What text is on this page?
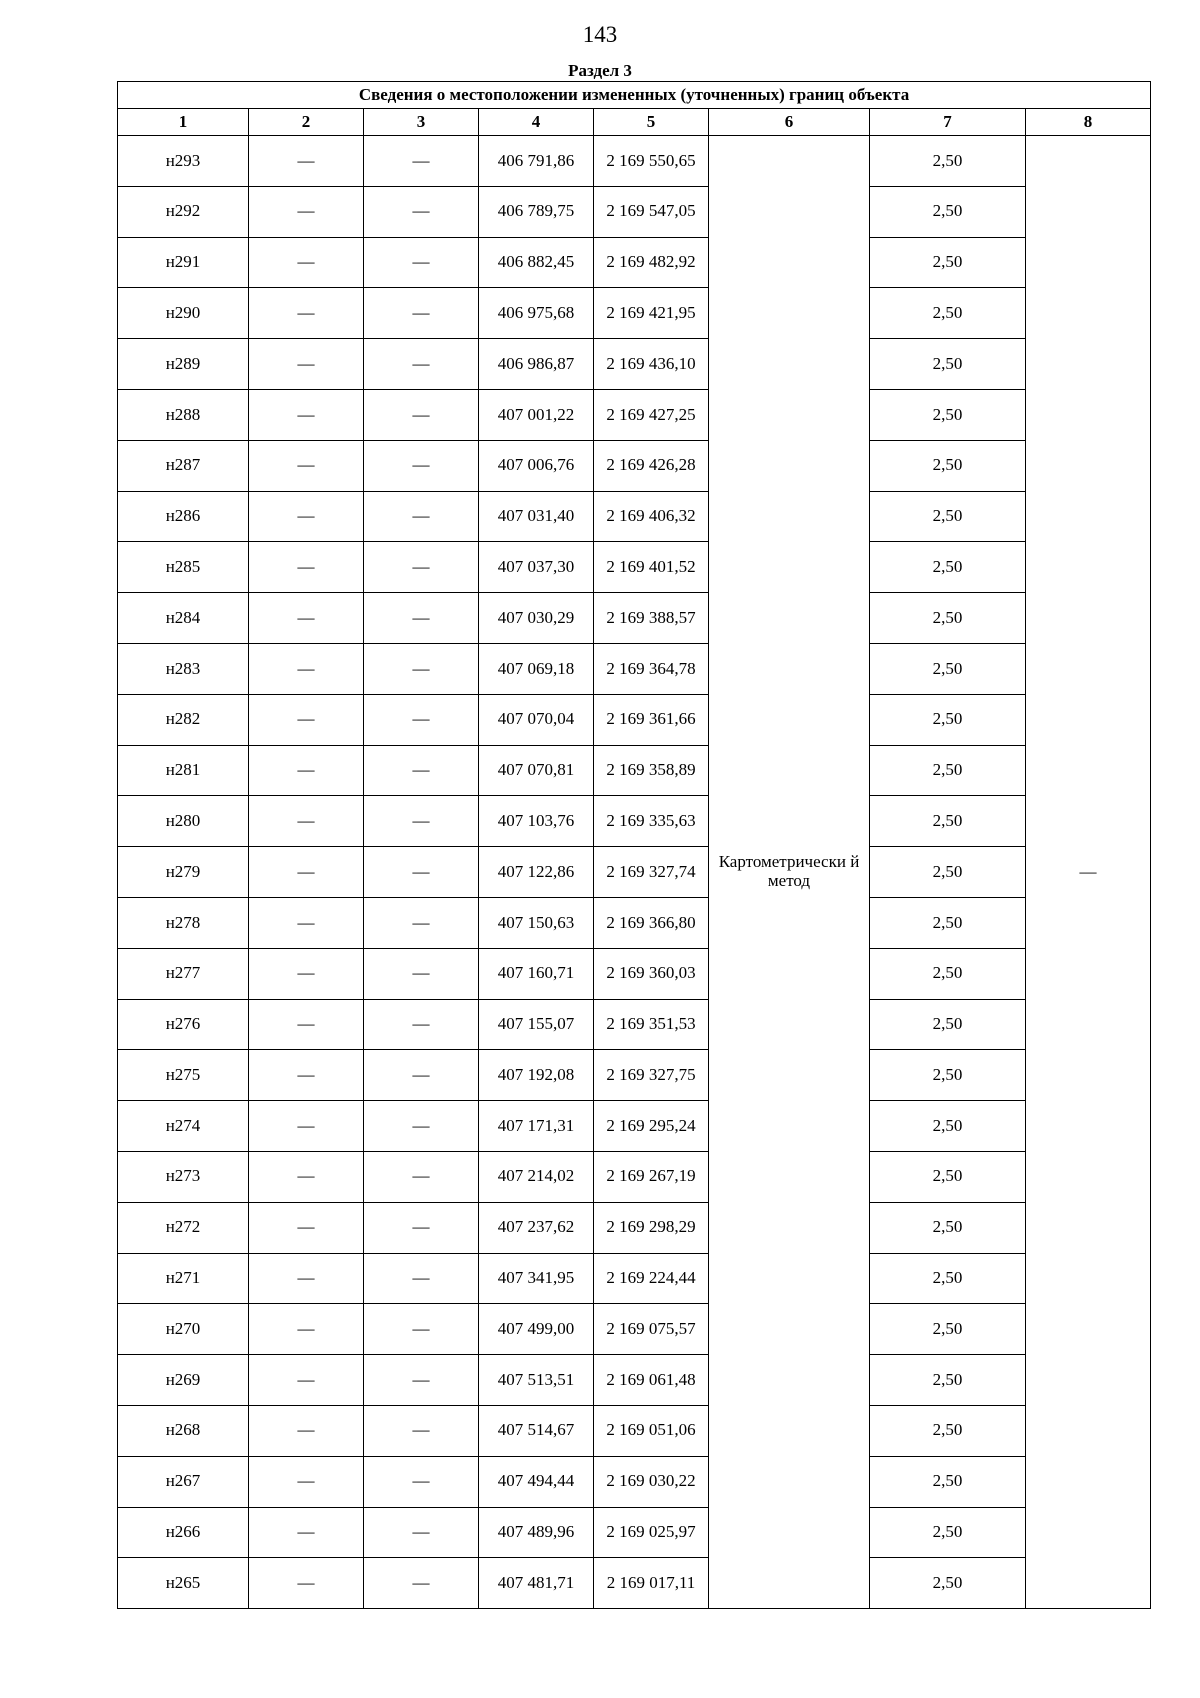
143
Раздел 3
Сведения о местоположении измененных (уточненных) границ объекта							
1	2	3	4	5	6	7	8
н293	—	—	406 791,86	2 169 550,65	Картометрически й метод	2,50	—
н292	—	—	406 789,75	2 169 547,05		2,50	
н291	—	—	406 882,45	2 169 482,92		2,50	
н290	—	—	406 975,68	2 169 421,95		2,50	
н289	—	—	406 986,87	2 169 436,10		2,50	
н288	—	—	407 001,22	2 169 427,25		2,50	
н287	—	—	407 006,76	2 169 426,28		2,50	
н286	—	—	407 031,40	2 169 406,32		2,50	
н285	—	—	407 037,30	2 169 401,52		2,50	
н284	—	—	407 030,29	2 169 388,57		2,50	
н283	—	—	407 069,18	2 169 364,78		2,50	
н282	—	—	407 070,04	2 169 361,66		2,50	
н281	—	—	407 070,81	2 169 358,89		2,50	
н280	—	—	407 103,76	2 169 335,63		2,50	
н279	—	—	407 122,86	2 169 327,74		2,50	
н278	—	—	407 150,63	2 169 366,80		2,50	
н277	—	—	407 160,71	2 169 360,03		2,50	
н276	—	—	407 155,07	2 169 351,53		2,50	
н275	—	—	407 192,08	2 169 327,75		2,50	
н274	—	—	407 171,31	2 169 295,24		2,50	
н273	—	—	407 214,02	2 169 267,19		2,50	
н272	—	—	407 237,62	2 169 298,29		2,50	
н271	—	—	407 341,95	2 169 224,44		2,50	
н270	—	—	407 499,00	2 169 075,57		2,50	
н269	—	—	407 513,51	2 169 061,48		2,50	
н268	—	—	407 514,67	2 169 051,06		2,50	
н267	—	—	407 494,44	2 169 030,22		2,50	
н266	—	—	407 489,96	2 169 025,97		2,50	
н265	—	—	407 481,71	2 169 017,11		2,50	
